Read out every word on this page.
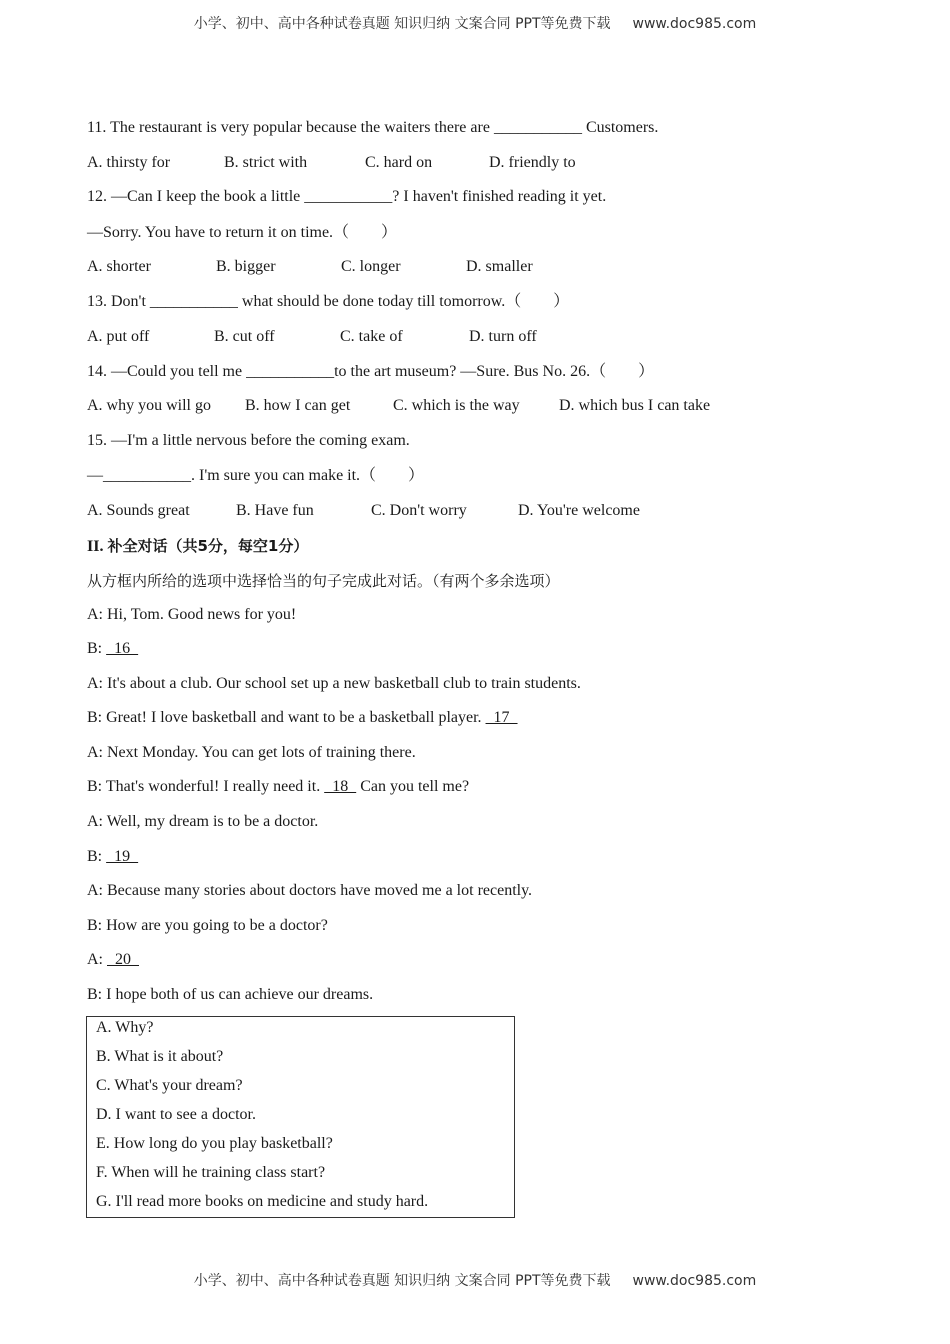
小学、初中、高中各种试卷真题 知识归纳 文案合同 PPT等免费下载 www.doc985.com
11. The restaurant is very popular because the waiters there are ___________ Customers.
A. thirsty for	B. strict with	C. hard on	D. friendly to
12. —Can I keep the book a little ___________? I haven't finished reading it yet.
—Sorry. You have to return it on time.（　　）
A. shorter	B. bigger	C. longer	D. smaller
13. Don't ___________ what should be done today till tomorrow.（　　）
A. put off	B. cut off	C. take of	D. turn off
14. —Could you tell me ___________to the art museum? —Sure. Bus No. 26.（　　）
A. why you will go B. how I can get	C. which is the way D. which bus I can take
15. —I'm a little nervous before the coming exam.
—___________. I'm sure you can make it.（　　）
A. Sounds great	B. Have fun	C. Don't worry	D. You're welcome
II. 补全对话（共5分，每空1分）
从方框内所给的选项中选择恰当的句子完成此对话。（有两个多余选项）
A: Hi, Tom. Good news for you!
B:   16
A: It's about a club. Our school set up a new basketball club to train students.
B: Great! I love basketball and want to be a basketball player.   17
A: Next Monday. You can get lots of training there.
B: That's wonderful! I really need it.   18   Can you tell me?
A: Well, my dream is to be a doctor.
B:   19
A: Because many stories about doctors have moved me a lot recently.
B: How are you going to be a doctor?
A:   20
B: I hope both of us can achieve our dreams.
A. Why?
B. What is it about?
C. What's your dream?
D. I want to see a doctor.
E. How long do you play basketball?
F. When will he training class start?
G. I'll read more books on medicine and study hard.
小学、初中、高中各种试卷真题 知识归纳 文案合同 PPT等免费下载 www.doc985.com
